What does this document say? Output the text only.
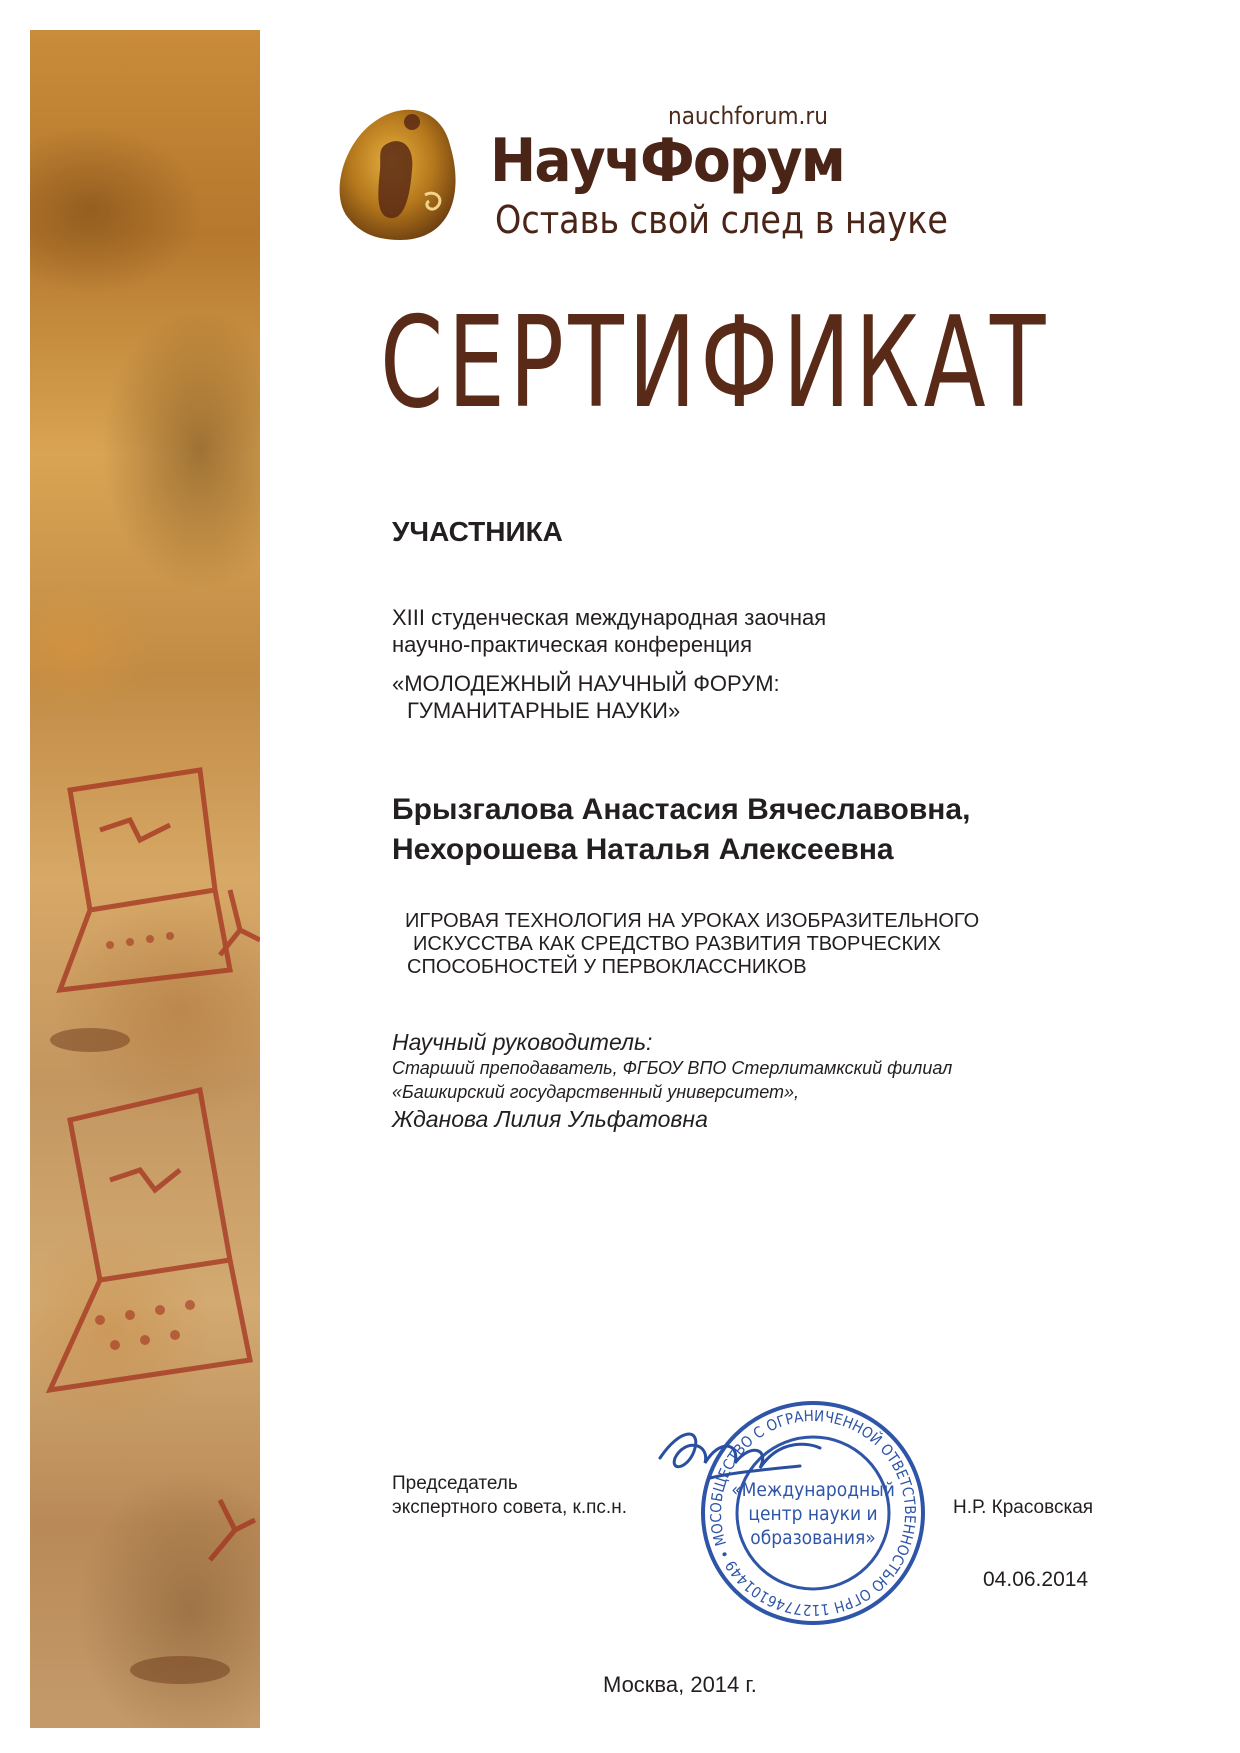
nauchforum.ru
НаучФорум
Оставь свой след в науке
СЕРТИФИКАТ
УЧАСТНИКА
XIII студенческая международная заочная
научно-практическая конференция
«МОЛОДЕЖНЫЙ НАУЧНЫЙ ФОРУМ:
ГУМАНИТАРНЫЕ НАУКИ»
Брызгалова Анастасия Вячеславовна,
Нехорошева Наталья Алексеевна
ИГРОВАЯ ТЕХНОЛОГИЯ НА УРОКАХ ИЗОБРАЗИТЕЛЬНОГО
ИСКУССТВА КАК СРЕДСТВО РАЗВИТИЯ ТВОРЧЕСКИХ
СПОСОБНОСТЕЙ У ПЕРВОКЛАССНИКОВ
Научный руководитель:
Старший преподаватель, ФГБОУ ВПО Стерлитамкский филиал
«Башкирский государственный университет»,
Жданова Лилия Ульфатовна
Председатель
экспертного совета, к.пс.н.	ОБЩЕСТВО С ОГРАНИЧЕННОЙ ОТВЕТСТВЕННОСТЬЮ ОГРН 1127746101449 • МОС
«Международный
центр науки и
образования»
Н.Р. Красовская
04.06.2014
Москва, 2014 г.
